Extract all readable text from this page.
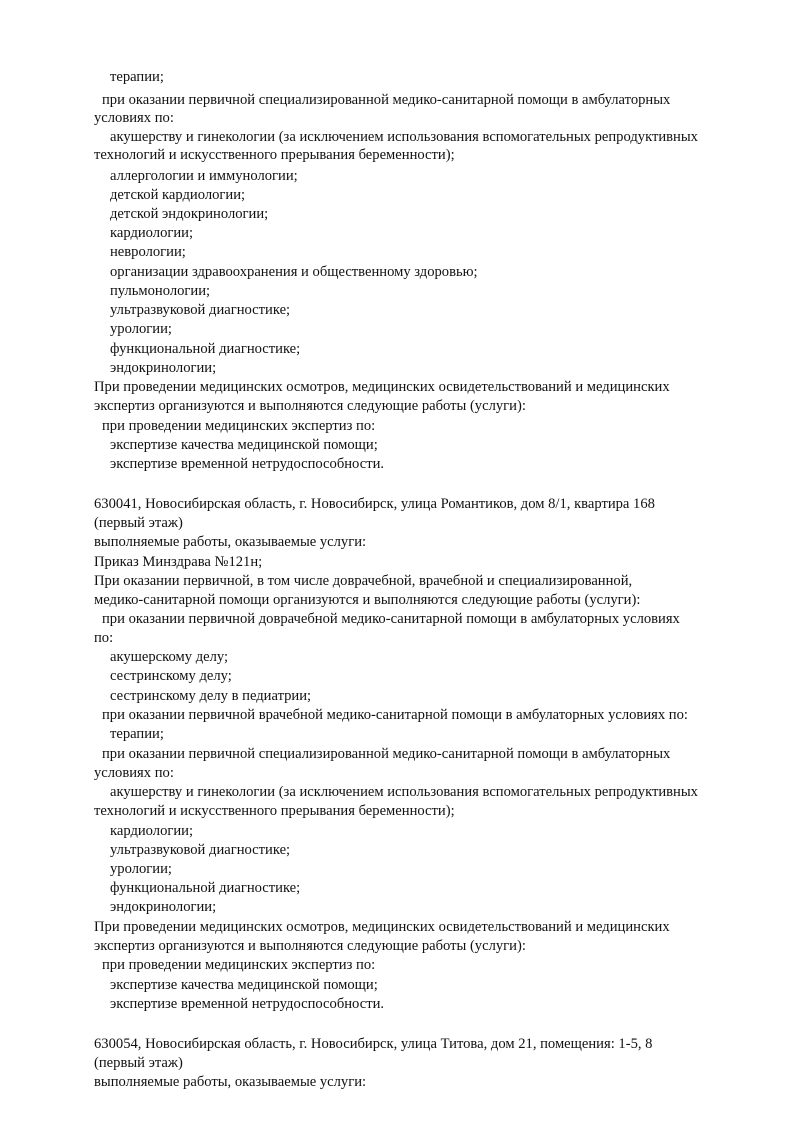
терапии;
при оказании первичной специализированной медико-санитарной помощи в амбулаторных
условиях по:
акушерству и гинекологии (за исключением использования вспомогательных репродуктивных
технологий и искусственного прерывания беременности);
аллергологии и иммунологии;
детской кардиологии;
детской эндокринологии;
кардиологии;
неврологии;
организации здравоохранения и общественному здоровью;
пульмонологии;
ультразвуковой диагностике;
урологии;
функциональной диагностике;
эндокринологии;
При проведении медицинских осмотров, медицинских освидетельствований и медицинских
экспертиз организуются и выполняются следующие работы (услуги):
при проведении медицинских экспертиз по:
экспертизе качества медицинской помощи;
экспертизе временной нетрудоспособности.
630041, Новосибирская область, г. Новосибирск, улица Романтиков, дом 8/1, квартира 168
(первый этаж)
выполняемые работы, оказываемые услуги:
Приказ Минздрава №121н;
При оказании первичной, в том числе доврачебной, врачебной и специализированной,
медико-санитарной помощи организуются и выполняются следующие работы (услуги):
при оказании первичной доврачебной медико-санитарной помощи в амбулаторных условиях
по:
акушерскому делу;
сестринскому делу;
сестринскому делу в педиатрии;
при оказании первичной врачебной медико-санитарной помощи в амбулаторных условиях по:
терапии;
при оказании первичной специализированной медико-санитарной помощи в амбулаторных
условиях по:
акушерству и гинекологии (за исключением использования вспомогательных репродуктивных
технологий и искусственного прерывания беременности);
кардиологии;
ультразвуковой диагностике;
урологии;
функциональной диагностике;
эндокринологии;
При проведении медицинских осмотров, медицинских освидетельствований и медицинских
экспертиз организуются и выполняются следующие работы (услуги):
при проведении медицинских экспертиз по:
экспертизе качества медицинской помощи;
экспертизе временной нетрудоспособности.
630054, Новосибирская область, г. Новосибирск, улица Титова, дом 21, помещения: 1-5, 8
(первый этаж)
выполняемые работы, оказываемые услуги:
